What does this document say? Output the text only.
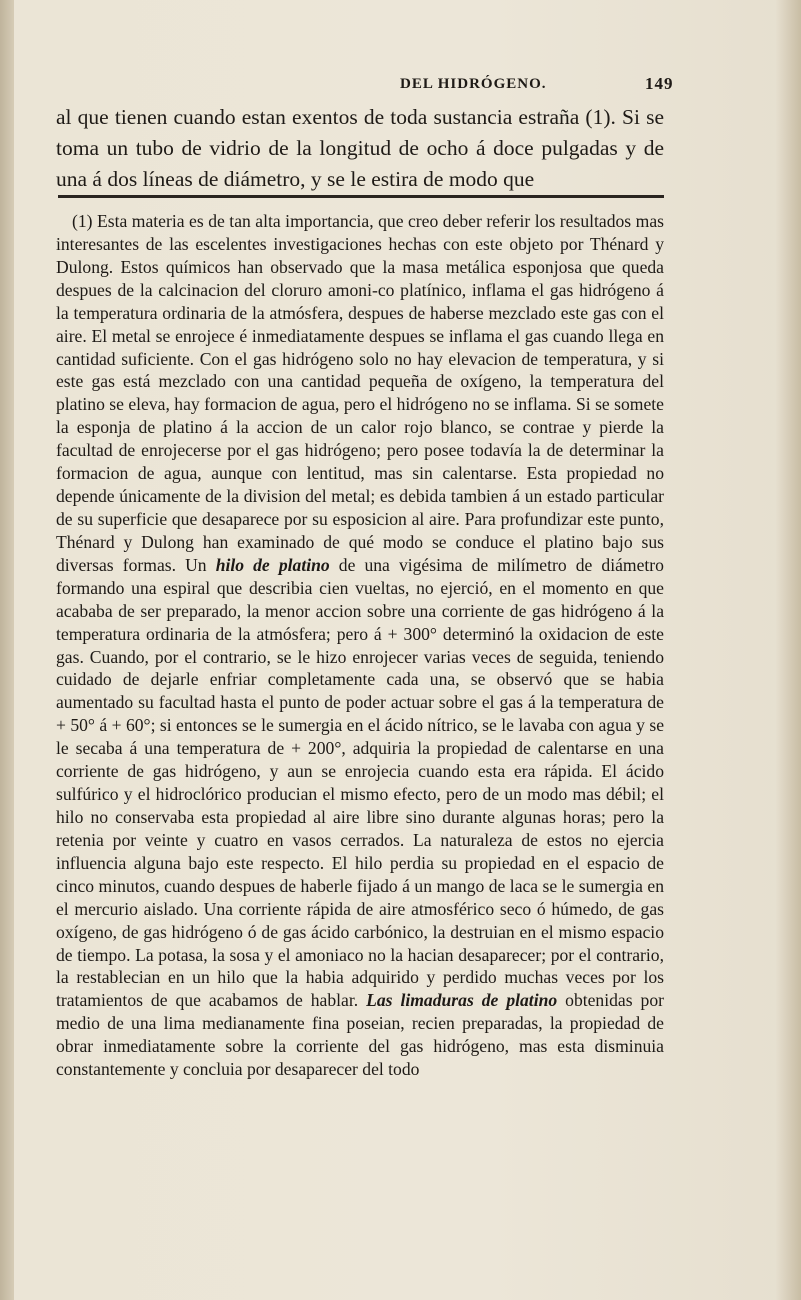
DEL HIDRÓGENO.	149

al que tienen cuando estan exentos de toda sustancia estraña (1). Si se toma un tubo de vidrio de la longitud de ocho á doce pulgadas y de una á dos líneas de diámetro, y se le estira de modo que

(1) Esta materia es de tan alta importancia, que creo deber referir los resultados mas interesantes de las escelentes investigaciones hechas con este objeto por Thénard y Dulong. Estos químicos han observado que la masa metálica esponjosa que queda despues de la calcinacion del cloruro amoni-co platínico, inflama el gas hidrógeno á la temperatura ordinaria de la atmósfera, despues de haberse mezclado este gas con el aire. El metal se enrojece é inmediatamente despues se inflama el gas cuando llega en cantidad suficiente. Con el gas hidrógeno solo no hay elevacion de temperatura, y si este gas está mezclado con una cantidad pequeña de oxígeno, la temperatura del platino se eleva, hay formacion de agua, pero el hidrógeno no se inflama. Si se somete la esponja de platino á la accion de un calor rojo blanco, se contrae y pierde la facultad de enrojecerse por el gas hidrógeno; pero posee todavía la de determinar la formacion de agua, aunque con lentitud, mas sin calentarse. Esta propiedad no depende únicamente de la division del metal; es debida tambien á un estado particular de su superficie que desaparece por su esposicion al aire. Para profundizar este punto, Thénard y Dulong han examinado de qué modo se conduce el platino bajo sus diversas formas. Un hilo de platino de una vigésima de milímetro de diámetro formando una espiral que describia cien vueltas, no ejerció, en el momento en que acababa de ser preparado, la menor accion sobre una corriente de gas hidrógeno á la temperatura ordinaria de la atmósfera; pero á + 300° determinó la oxidacion de este gas. Cuando, por el contrario, se le hizo enrojecer varias veces de seguida, teniendo cuidado de dejarle enfriar completamente cada una, se observó que se habia aumentado su facultad hasta el punto de poder actuar sobre el gas á la temperatura de + 50° á + 60°; si entonces se le sumergia en el ácido nítrico, se le lavaba con agua y se le secaba á una temperatura de + 200°, adquiria la propiedad de calentarse en una corriente de gas hidrógeno, y aun se enrojecia cuando esta era rápida. El ácido sulfúrico y el hidroclórico producian el mismo efecto, pero de un modo mas débil; el hilo no conservaba esta propiedad al aire libre sino durante algunas horas; pero la retenia por veinte y cuatro en vasos cerrados. La naturaleza de estos no ejercia influencia alguna bajo este respecto. El hilo perdia su propiedad en el espacio de cinco minutos, cuando despues de haberle fijado á un mango de laca se le sumergia en el mercurio aislado. Una corriente rápida de aire atmosférico seco ó húmedo, de gas oxígeno, de gas hidrógeno ó de gas ácido carbónico, la destruian en el mismo espacio de tiempo. La potasa, la sosa y el amoniaco no la hacian desaparecer; por el contrario, la restablecian en un hilo que la habia adquirido y perdido muchas veces por los tratamientos de que acabamos de hablar. Las limaduras de platino obtenidas por medio de una lima medianamente fina poseian, recien preparadas, la propiedad de obrar inmediatamente sobre la corriente del gas hidrógeno, mas esta disminuia constantemente y concluia por desaparecer del todo
